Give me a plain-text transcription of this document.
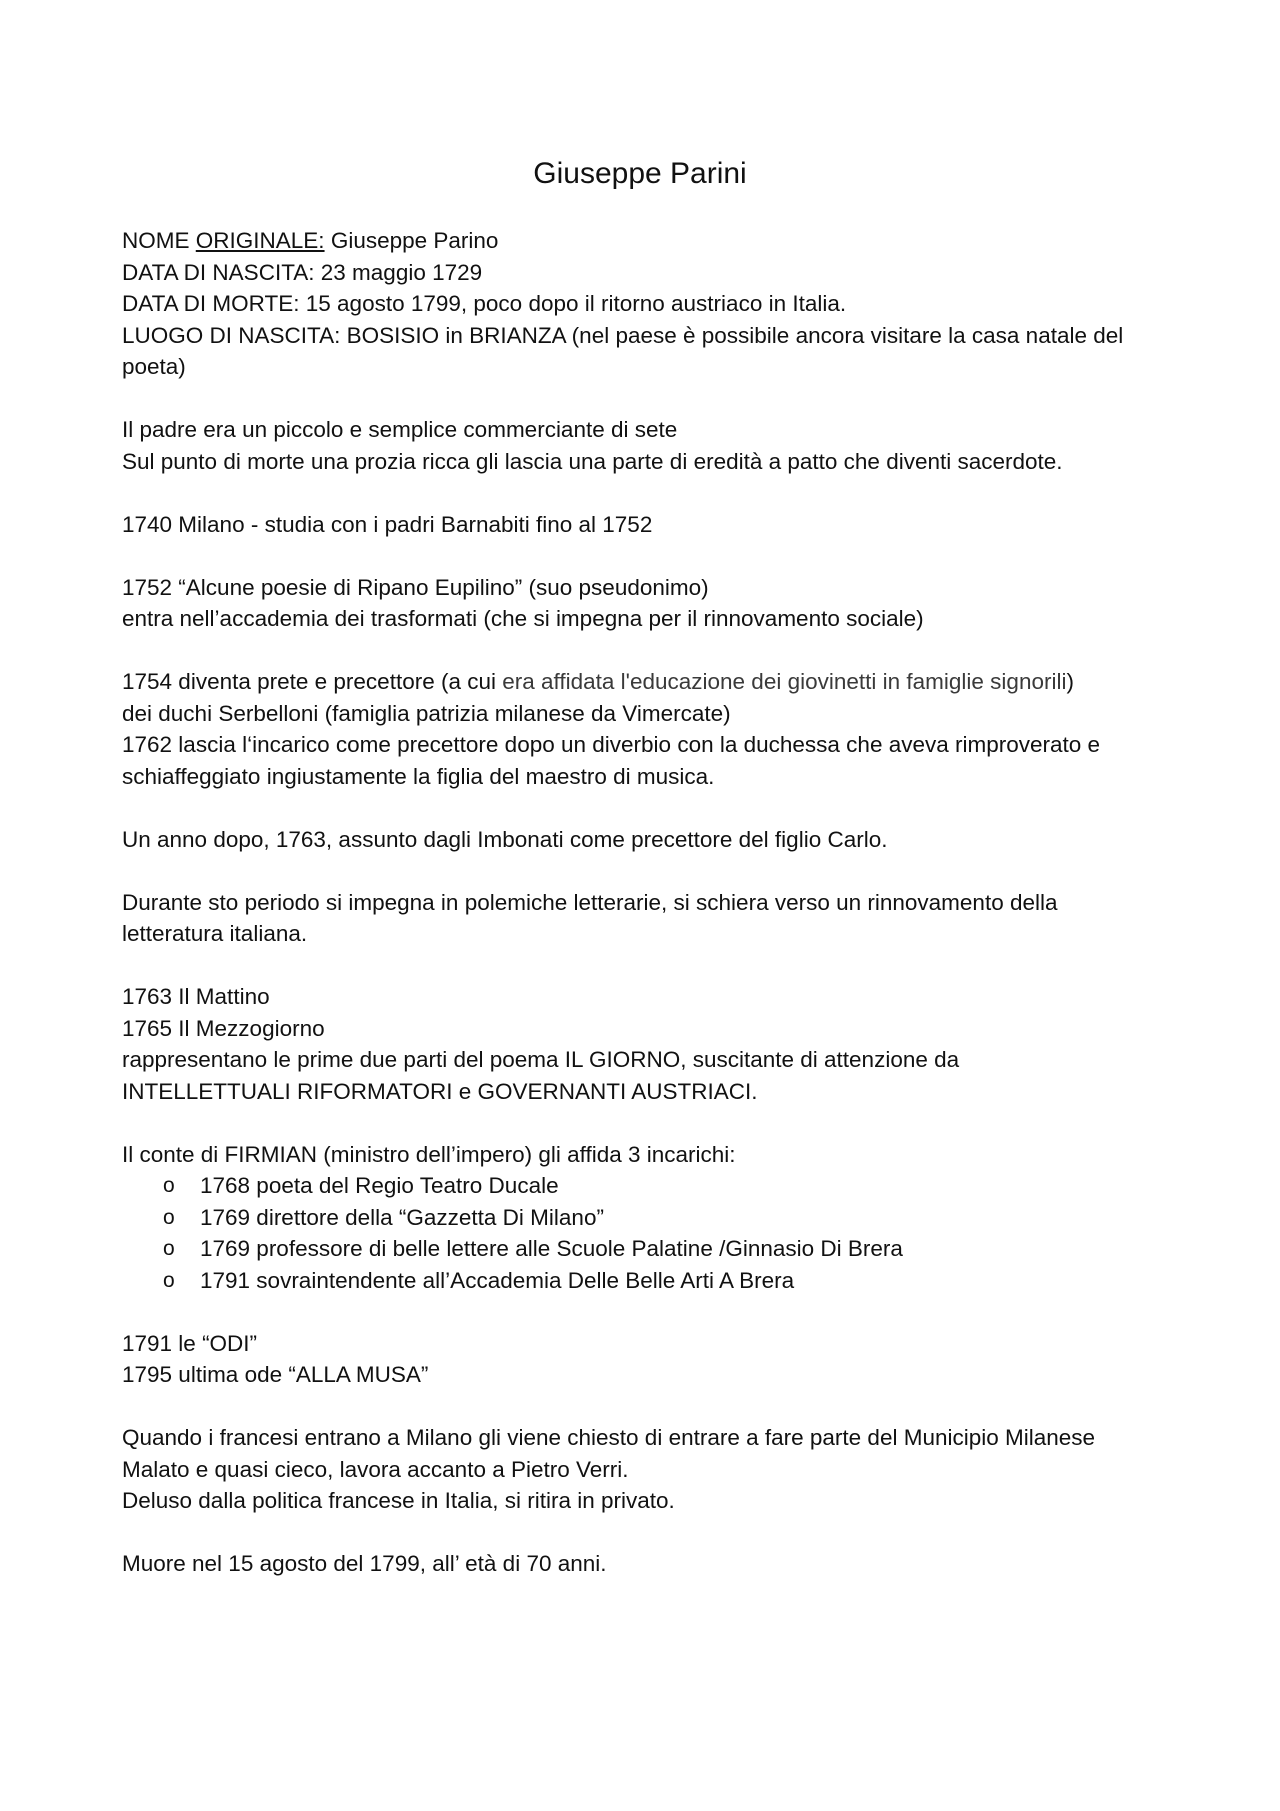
Giuseppe Parini
NOME ORIGINALE: Giuseppe Parino
DATA DI NASCITA: 23 maggio 1729
DATA DI MORTE: 15 agosto 1799, poco dopo il ritorno austriaco in Italia.
LUOGO DI NASCITA: BOSISIO in BRIANZA (nel paese è possibile ancora visitare la casa natale del
poeta)
Il padre era un piccolo e semplice commerciante di sete
Sul punto di morte una prozia ricca gli lascia una parte di eredità a patto che diventi sacerdote.
1740 Milano - studia con i padri Barnabiti fino al 1752
1752 “Alcune poesie di Ripano Eupilino” (suo pseudonimo)
entra nell’accademia dei trasformati (che si impegna per il rinnovamento sociale)
1754 diventa prete e precettore (a cui era affidata l'educazione dei giovinetti in famiglie signorili)
dei duchi Serbelloni (famiglia patrizia milanese da Vimercate)
1762 lascia l‘incarico come precettore dopo un diverbio con la duchessa che aveva rimproverato e
schiaffeggiato ingiustamente la figlia del maestro di musica.
Un anno dopo, 1763, assunto dagli Imbonati come precettore del figlio Carlo.
Durante sto periodo si impegna in polemiche letterarie, si schiera verso un rinnovamento della
letteratura italiana.
1763 Il Mattino
1765 Il Mezzogiorno
rappresentano le prime due parti del poema IL GIORNO, suscitante di attenzione da
INTELLETTUALI RIFORMATORI e GOVERNANTI AUSTRIACI.
Il conte di FIRMIAN (ministro dell’impero) gli affida 3 incarichi:
o 1768 poeta del Regio Teatro Ducale
o 1769 direttore della “Gazzetta Di Milano”
o 1769 professore di belle lettere alle Scuole Palatine /Ginnasio Di Brera
o 1791 sovraintendente all’Accademia Delle Belle Arti A Brera
1791 le “ODI”
1795 ultima ode “ALLA MUSA”
Quando i francesi entrano a Milano gli viene chiesto di entrare a fare parte del Municipio Milanese
Malato e quasi cieco, lavora accanto a Pietro Verri.
Deluso dalla politica francese in Italia, si ritira in privato.
Muore nel 15 agosto del 1799, all’ età di 70 anni.
